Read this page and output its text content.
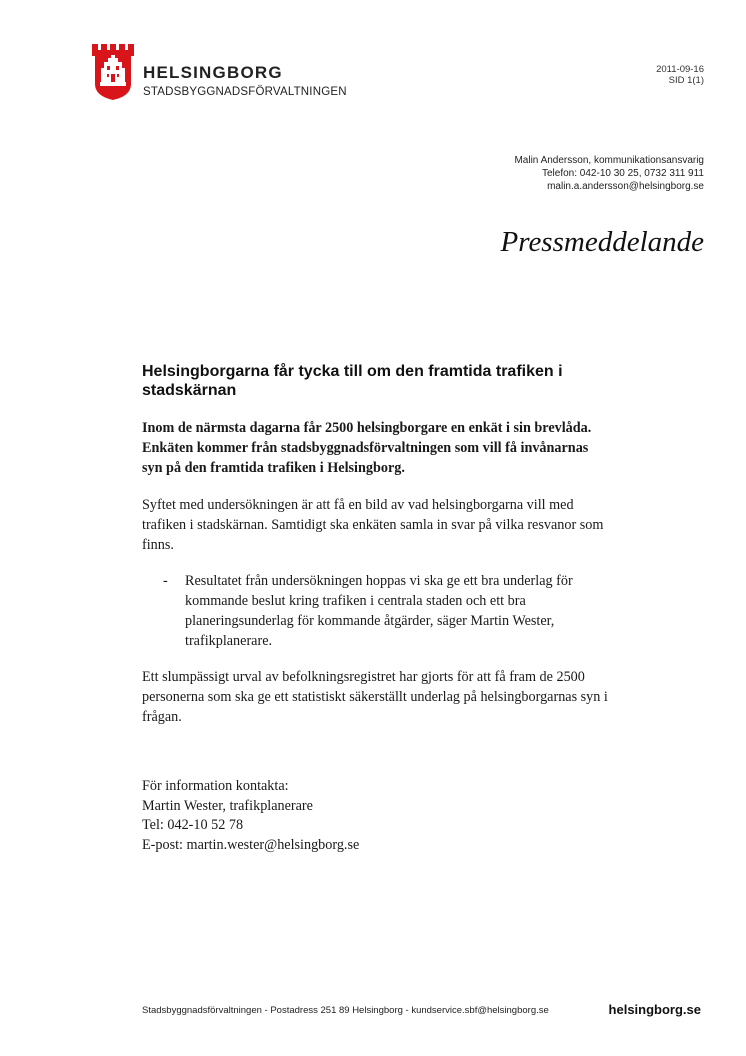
HELSINGBORG
STADSBYGGNADSFÖRVALTNINGEN
2011-09-16
SID 1(1)
Malin Andersson, kommunikationsansvarig
Telefon: 042-10 30 25, 0732 311 911
malin.a.andersson@helsingborg.se
Pressmeddelande
Helsingborgarna får tycka till om den framtida trafiken i stadskärnan

Inom de närmsta dagarna får 2500 helsingborgare en enkät i sin brevlåda. Enkäten kommer från stadsbyggnadsförvaltningen som vill få invånarnas syn på den framtida trafiken i Helsingborg.

Syftet med undersökningen är att få en bild av vad helsingborgarna vill med trafiken i stadskärnan. Samtidigt ska enkäten samla in svar på vilka resvanor som finns.

- Resultatet från undersökningen hoppas vi ska ge ett bra underlag för kommande beslut kring trafiken i centrala staden och ett bra planeringsunderlag för kommande åtgärder, säger Martin Wester, trafikplanerare.

Ett slumpässigt urval av befolkningsregistret har gjorts för att få fram de 2500 personerna som ska ge ett statistiskt säkerställt underlag på helsingborgarnas syn i frågan.

För information kontakta:
Martin Wester, trafikplanerare
Tel: 042-10 52 78
E-post: martin.wester@helsingborg.se
Stadsbyggnadsförvaltningen - Postadress 251 89 Helsingborg - kundservice.sbf@helsingborg.se	helsingborg.se
